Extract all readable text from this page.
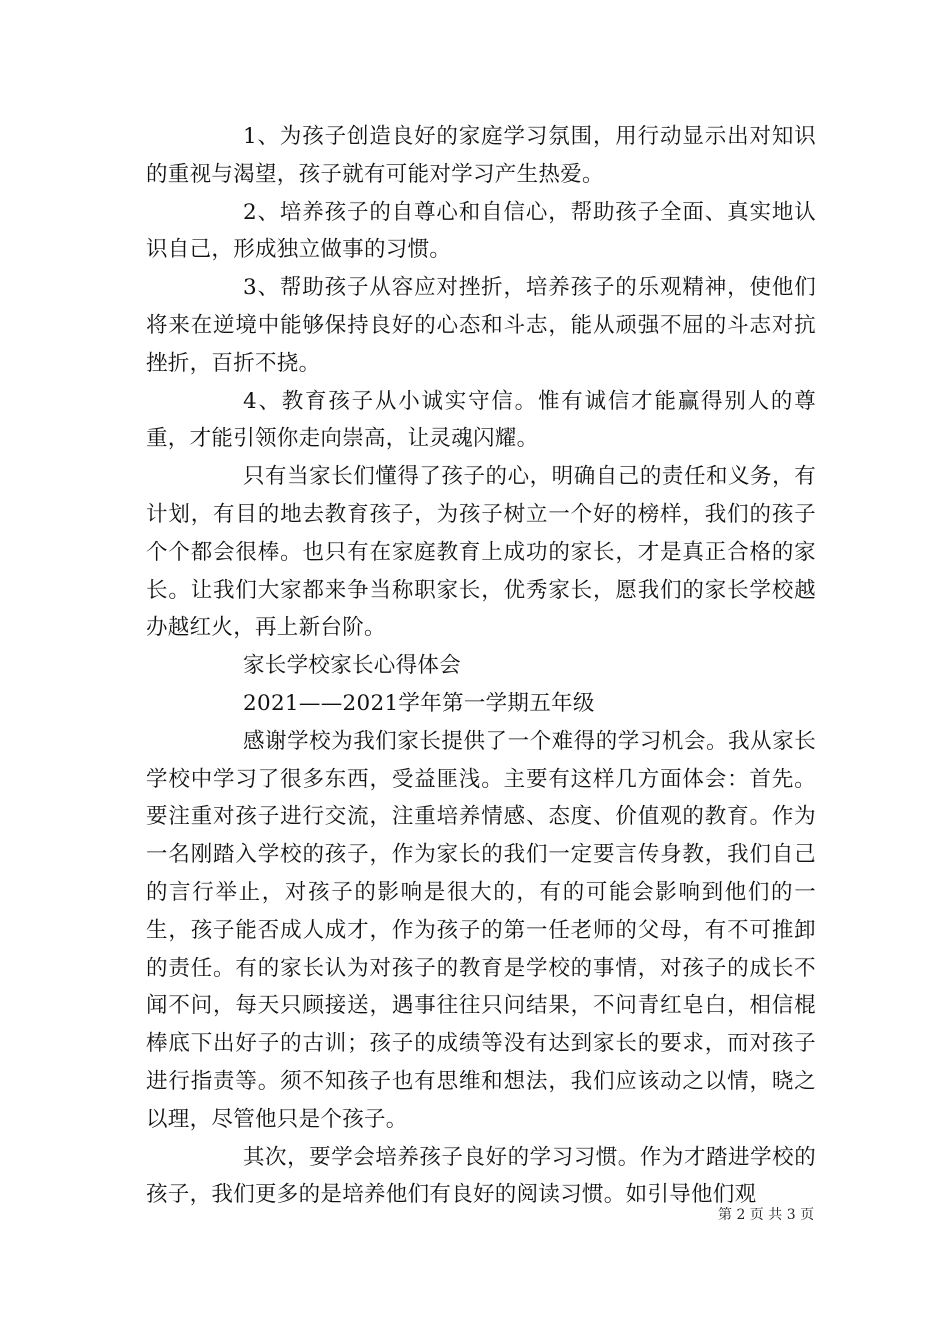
1、为孩子创造良好的家庭学习氛围，用行动显示出对知识的重视与渴望，孩子就有可能对学习产生热爱。

2、培养孩子的自尊心和自信心，帮助孩子全面、真实地认识自己，形成独立做事的习惯。

3、帮助孩子从容应对挫折，培养孩子的乐观精神，使他们将来在逆境中能够保持良好的心态和斗志，能从顽强不屈的斗志对抗挫折，百折不挠。

4、教育孩子从小诚实守信。惟有诚信才能赢得别人的尊重，才能引领你走向崇高，让灵魂闪耀。

只有当家长们懂得了孩子的心，明确自己的责任和义务，有计划，有目的地去教育孩子，为孩子树立一个好的榜样，我们的孩子个个都会很棒。也只有在家庭教育上成功的家长，才是真正合格的家长。让我们大家都来争当称职家长，优秀家长，愿我们的家长学校越办越红火，再上新台阶。

家长学校家长心得体会

2021——2021学年第一学期五年级

感谢学校为我们家长提供了一个难得的学习机会。我从家长学校中学习了很多东西，受益匪浅。主要有这样几方面体会：首先。要注重对孩子进行交流，注重培养情感、态度、价值观的教育。作为一名刚踏入学校的孩子，作为家长的我们一定要言传身教，我们自己的言行举止，对孩子的影响是很大的，有的可能会影响到他们的一生，孩子能否成人成才，作为孩子的第一任老师的父母，有不可推卸的责任。有的家长认为对孩子的教育是学校的事情，对孩子的成长不闻不问，每天只顾接送，遇事往往只问结果，不问青红皂白，相信棍棒底下出好子的古训；孩子的成绩等没有达到家长的要求，而对孩子进行指责等。须不知孩子也有思维和想法，我们应该动之以情，晓之以理，尽管他只是个孩子。

其次，要学会培养孩子良好的学习习惯。作为才踏进学校的孩子，我们更多的是培养他们有良好的阅读习惯。如引导他们观

第 2 页 共 3 页
